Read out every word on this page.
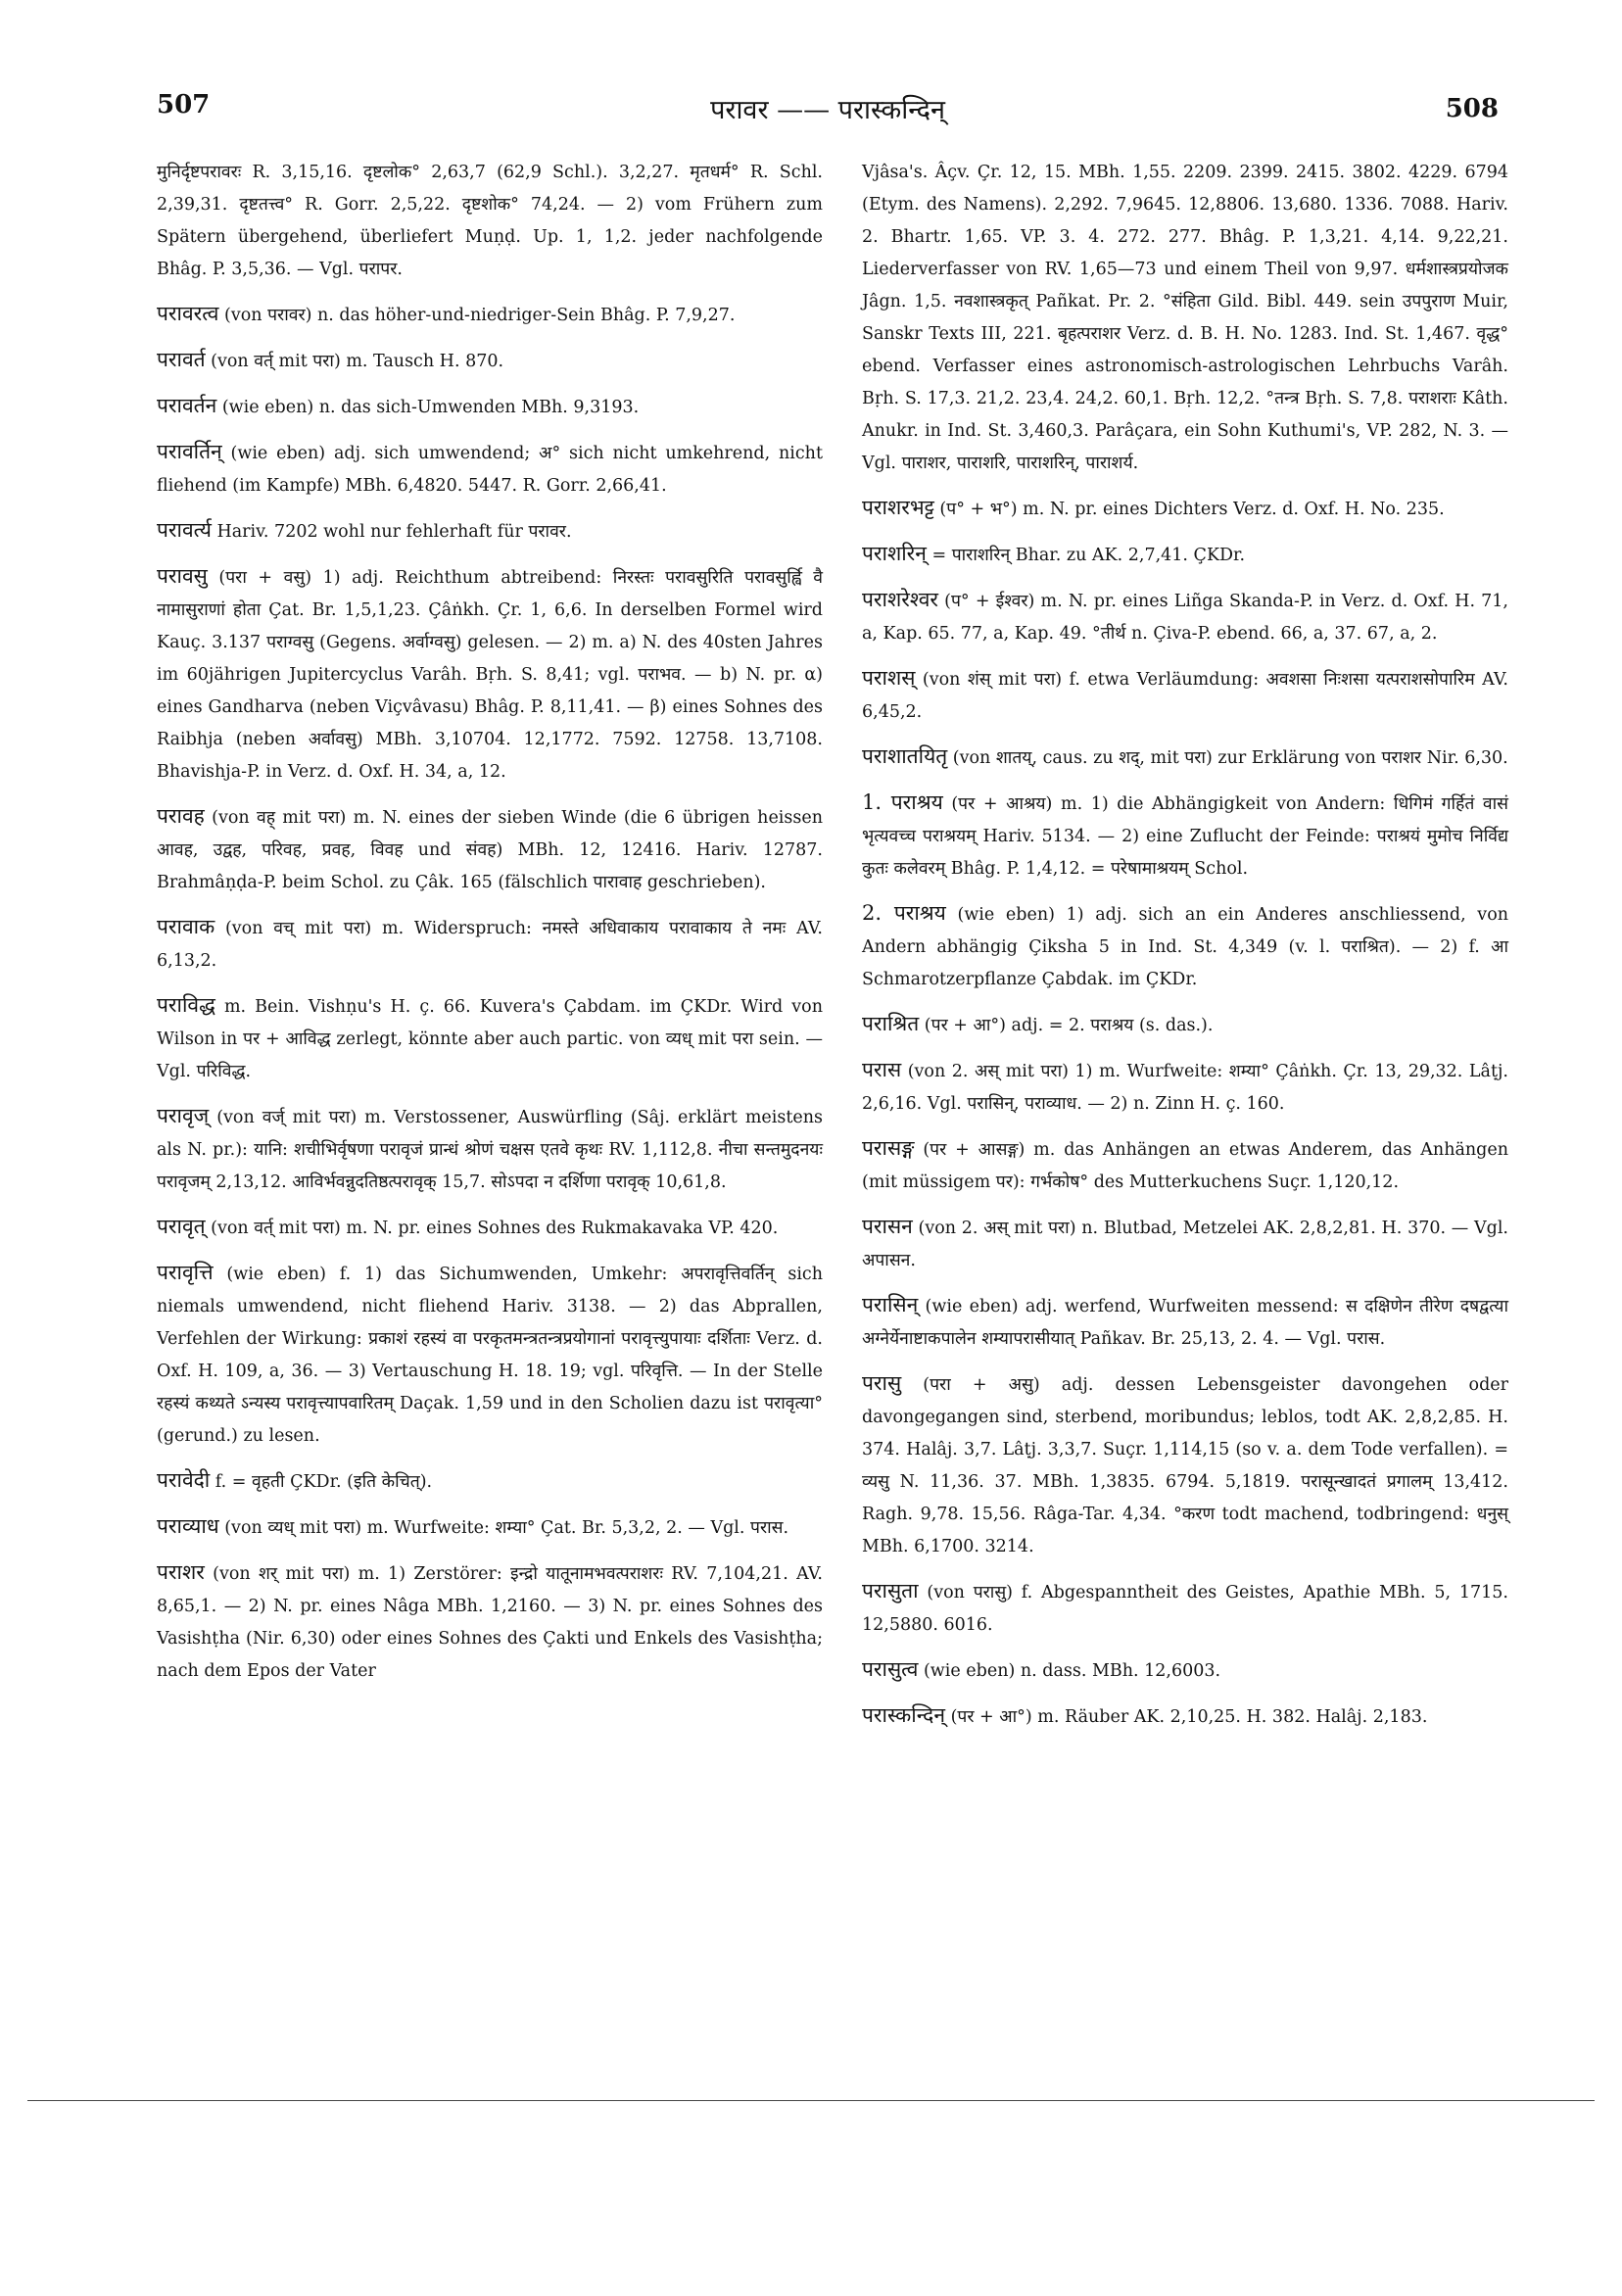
507	परावर —— परास्कन्दिन्	508

मुनिर्दृष्टपरावरः R. 3,15,16. दृष्टलोक° 2,63,7 (62,9 Schl.). 3,2,27. मृतधर्म° R. Schl. 2,39,31. दृष्टतत्त्व° R. Gorr. 2,5,22. दृष्टशोक° 74,24. — 2) vom Frühern zum Spätern übergehend, überliefert Muṇḍ. Up. 1, 1,2. jeder nachfolgende Bhâg. P. 3,5,36. — Vgl. परापर.

परावरत्व (von परावर) n. das höher-und-niedriger-Sein Bhâg. P. 7,9,27.

परावर्त (von वर्त् mit परा) m. Tausch H. 870.

परावर्तन (wie eben) n. das sich-Umwenden MBh. 9,3193.

परावर्तिन् (wie eben) adj. sich umwendend; अ° sich nicht umkehrend, nicht fliehend (im Kampfe) MBh. 6,4820. 5447. R. Gorr. 2,66,41.

परावर्त्य Hariv. 7202 wohl nur fehlerhaft für परावर.

परावसु (परा + वसु) 1) adj. Reichthum abtreibend: निरस्तः परावसुरिति परावसुर्ह्वि वै नामासुराणां होता Çat. Br. 1,5,1,23. Çâṅkh. Çr. 1, 6,6. In derselben Formel wird Kauç. 3.137 पराग्वसु (Gegens. अर्वाग्वसु) gelesen. — 2) m. a) N. des 40sten Jahres im 60jährigen Jupitercyclus Varâh. Bṛh. S. 8,41; vgl. पराभव. — b) N. pr. α) eines Gandharva (neben Viçvâvasu) Bhâg. P. 8,11,41. — β) eines Sohnes des Raibhja (neben अर्वावसु) MBh. 3,10704. 12,1772. 7592. 12758. 13,7108. Bhavishja-P. in Verz. d. Oxf. H. 34, a, 12.

परावह (von वह् mit परा) m. N. eines der sieben Winde (die 6 übrigen heissen आवह, उद्वह, परिवह, प्रवह, विवह und संवह) MBh. 12, 12416. Hariv. 12787. Brahmâṇḍa-P. beim Schol. zu Çâk. 165 (fälschlich पारावाह geschrieben).

परावाक (von वच् mit परा) m. Widerspruch: नमस्ते अधिवाकाय परावाकाय ते नमः AV. 6,13,2.

पराविद्ध m. Bein. Vishṇu's H. ç. 66. Kuvera's Çabdam. im ÇKDr. Wird von Wilson in पर + आविद्ध zerlegt, könnte aber auch partic. von व्यध् mit परा sein. — Vgl. परिविद्ध.

परावृज् (von वर्ज् mit परा) m. Verstossener, Auswürfling (Sâj. erklärt meistens als N. pr.): यानि: शचीभिर्वृषणा परावृजं प्रान्धं श्रोणं चक्षस एतवे कृथः RV. 1,112,8. नीचा सन्तमुदनयः परावृजम् 2,13,12. आविर्भवन्नुदतिष्ठत्परावृक् 15,7. सोऽपदा न दर्शिणा परावृक् 10,61,8.

परावृत् (von वर्त् mit परा) m. N. pr. eines Sohnes des Rukmakavaka VP. 420.

परावृत्ति (wie eben) f. 1) das Sichumwenden, Umkehr: अपरावृत्तिवर्तिन् sich niemals umwendend, nicht fliehend Hariv. 3138. — 2) das Abprallen, Verfehlen der Wirkung: प्रकाशं रहस्यं वा परकृतमन्त्रतन्त्रप्रयोगानां परावृत्त्युपायाः दर्शिताः Verz. d. Oxf. H. 109, a, 36. — 3) Vertauschung H. 18. 19; vgl. परिवृत्ति. — In der Stelle रहस्यं कथ्यते ऽन्यस्य परावृत्त्यापवारितम् Daçak. 1,59 und in den Scholien dazu ist परावृत्या° (gerund.) zu lesen.

परावेदी f. = वृहती ÇKDr. (इति केचित्).

पराव्याध (von व्यध् mit परा) m. Wurfweite: शम्या° Çat. Br. 5,3,2, 2. — Vgl. परास.

पराशर (von शर् mit परा) m. 1) Zerstörer: इन्द्रो यातूनामभवत्पराशरः RV. 7,104,21. AV. 8,65,1. — 2) N. pr. eines Nâga MBh. 1,2160. — 3) N. pr. eines Sohnes des Vasishṭha (Nir. 6,30) oder eines Sohnes des Çakti und Enkels des Vasishṭha; nach dem Epos der Vater

Vjâsa's. Âçv. Çr. 12, 15. MBh. 1,55. 2209. 2399. 2415. 3802. 4229. 6794 (Etym. des Namens). 2,292. 7,9645. 12,8806. 13,680. 1336. 7088. Hariv. 2. Bhartr. 1,65. VP. 3. 4. 272. 277. Bhâg. P. 1,3,21. 4,14. 9,22,21. Liederverfasser von RV. 1,65—73 und einem Theil von 9,97. धर्मशास्त्रप्रयोजक Jâgn. 1,5. नवशास्त्रकृत् Pañkat. Pr. 2. °संहिता Gild. Bibl. 449. sein उपपुराण Muir, Sanskr Texts III, 221. बृहत्पराशर Verz. d. B. H. No. 1283. Ind. St. 1,467. वृद्ध° ebend. Verfasser eines astronomisch-astrologischen Lehrbuchs Varâh. Bṛh. S. 17,3. 21,2. 23,4. 24,2. 60,1. Bṛh. 12,2. °तन्त्र Bṛh. S. 7,8. पराशराः Kâth. Anukr. in Ind. St. 3,460,3. Parâçara, ein Sohn Kuthumi's, VP. 282, N. 3. — Vgl. पाराशर, पाराशरि, पाराशरिन्, पाराशर्य.

पराशरभट्ट (प° + भ°) m. N. pr. eines Dichters Verz. d. Oxf. H. No. 235.

पराशरिन् = पाराशरिन् Bhar. zu AK. 2,7,41. ÇKDr.

पराशरेश्वर (प° + ईश्वर) m. N. pr. eines Liñga Skanda-P. in Verz. d. Oxf. H. 71, a, Kap. 65. 77, a, Kap. 49. °तीर्थ n. Çiva-P. ebend. 66, a, 37. 67, a, 2.

पराशस् (von शंस् mit परा) f. etwa Verläumdung: अवशसा निःशसा यत्पराशसोपारिम AV. 6,45,2.

पराशातयितृ (von शातय्, caus. zu शद्, mit परा) zur Erklärung von पराशर Nir. 6,30.

1. पराश्रय (पर + आश्रय) m. 1) die Abhängigkeit von Andern: धिगिमं गर्हितं वासं भृत्यवच्च पराश्रयम् Hariv. 5134. — 2) eine Zuflucht der Feinde: पराश्रयं मुमोच निर्विद्य कुतः कलेवरम् Bhâg. P. 1,4,12. = परेषामाश्रयम् Schol.

2. पराश्रय (wie eben) 1) adj. sich an ein Anderes anschliessend, von Andern abhängig Çiksha 5 in Ind. St. 4,349 (v. l. पराश्रित). — 2) f. आ Schmarotzerpflanze Çabdak. im ÇKDr.

पराश्रित (पर + आ°) adj. = 2. पराश्रय (s. das.).

परास (von 2. अस् mit परा) 1) m. Wurfweite: शम्या° Çâṅkh. Çr. 13, 29,32. Lâṭj. 2,6,16. Vgl. परासिन्, पराव्याध. — 2) n. Zinn H. ç. 160.

परासङ्ग (पर + आसङ्ग) m. das Anhängen an etwas Anderem, das Anhängen (mit müssigem पर): गर्भकोष° des Mutterkuchens Suçr. 1,120,12.

परासन (von 2. अस् mit परा) n. Blutbad, Metzelei AK. 2,8,2,81. H. 370. — Vgl. अपासन.

परासिन् (wie eben) adj. werfend, Wurfweiten messend: स दक्षिणेन तीरेण दषद्वत्या अग्नेर्येनाष्टाकपालेन शम्यापरासीयात् Pañkav. Br. 25,13, 2. 4. — Vgl. परास.

परासु (परा + असु) adj. dessen Lebensgeister davongehen oder davongegangen sind, sterbend, moribundus; leblos, todt AK. 2,8,2,85. H. 374. Halâj. 3,7. Lâṭj. 3,3,7. Suçr. 1,114,15 (so v. a. dem Tode verfallen). = व्यसु N. 11,36. 37. MBh. 1,3835. 6794. 5,1819. परासून्खादतं प्रगालम् 13,412. Ragh. 9,78. 15,56. Râga-Tar. 4,34. °करण todt machend, todbringend: धनुस् MBh. 6,1700. 3214.

परासुता (von परासु) f. Abgespanntheit des Geistes, Apathie MBh. 5, 1715. 12,5880. 6016.

परासुत्व (wie eben) n. dass. MBh. 12,6003.

परास्कन्दिन् (पर + आ°) m. Räuber AK. 2,10,25. H. 382. Halâj. 2,183.
